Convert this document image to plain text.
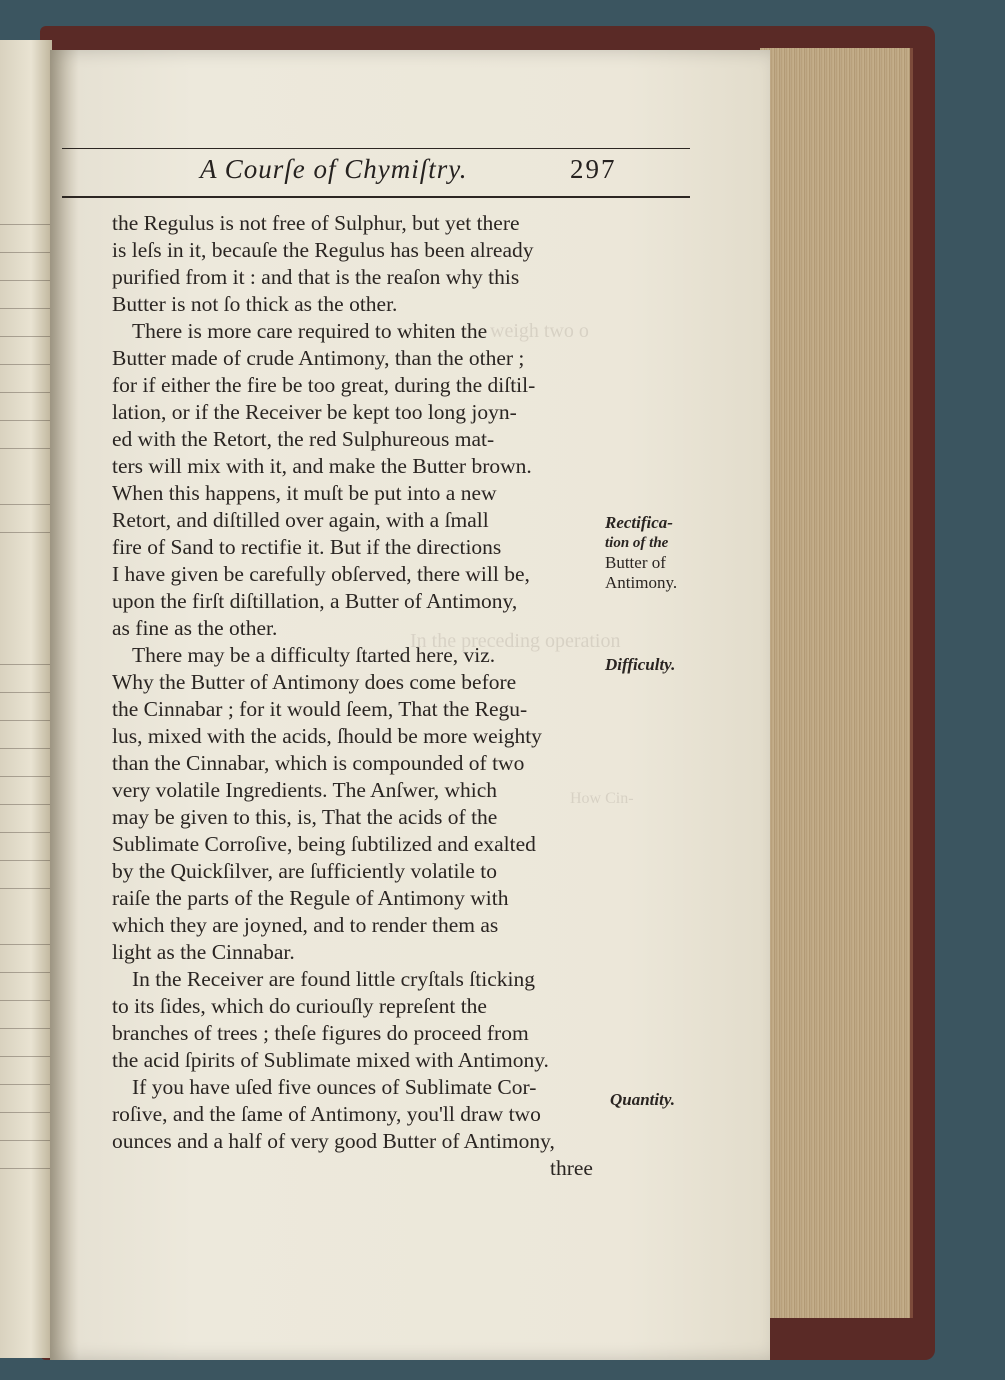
A Courſe of Chymiſtry.	297
weigh two o
In the preceding operation
How Cin-
the Regulus is not free of Sulphur, but yet there
is leſs in it, becauſe the Regulus has been already
purified from it : and that is the reaſon why this
Butter is not ſo thick as the other.
There is more care required to whiten the
Butter made of crude Antimony, than the other ;
for if either the fire be too great, during the diſtil-
lation, or if the Receiver be kept too long joyn-
ed with the Retort, the red Sulphureous mat-
ters will mix with it, and make the Butter brown.
When this happens, it muſt be put into a new
Retort, and diſtilled over again, with a ſmall
fire of Sand to rectifie it. But if the directions
I have given be carefully obſerved, there will be,
upon the firſt diſtillation, a Butter of Antimony,
as fine as the other.
There may be a difficulty ſtarted here, viz.
Why the Butter of Antimony does come before
the Cinnabar ; for it would ſeem, That the Regu-
lus, mixed with the acids, ſhould be more weighty
than the Cinnabar, which is compounded of two
very volatile Ingredients. The Anſwer, which
may be given to this, is, That the acids of the
Sublimate Corroſive, being ſubtilized and exalted
by the Quickſilver, are ſufficiently volatile to
raiſe the parts of the Regule of Antimony with
which they are joyned, and to render them as
light as the Cinnabar.
In the Receiver are found little cryſtals ſticking
to its ſides, which do curiouſly repreſent the
branches of trees ; theſe figures do proceed from
the acid ſpirits of Sublimate mixed with Antimony.
If you have uſed five ounces of Sublimate Cor-
roſive, and the ſame of Antimony, you'll draw two
ounces and a half of very good Butter of Antimony,
three
Rectifica-
tion of the
Butter of
Antimony.
Difficulty.
Quantity.
